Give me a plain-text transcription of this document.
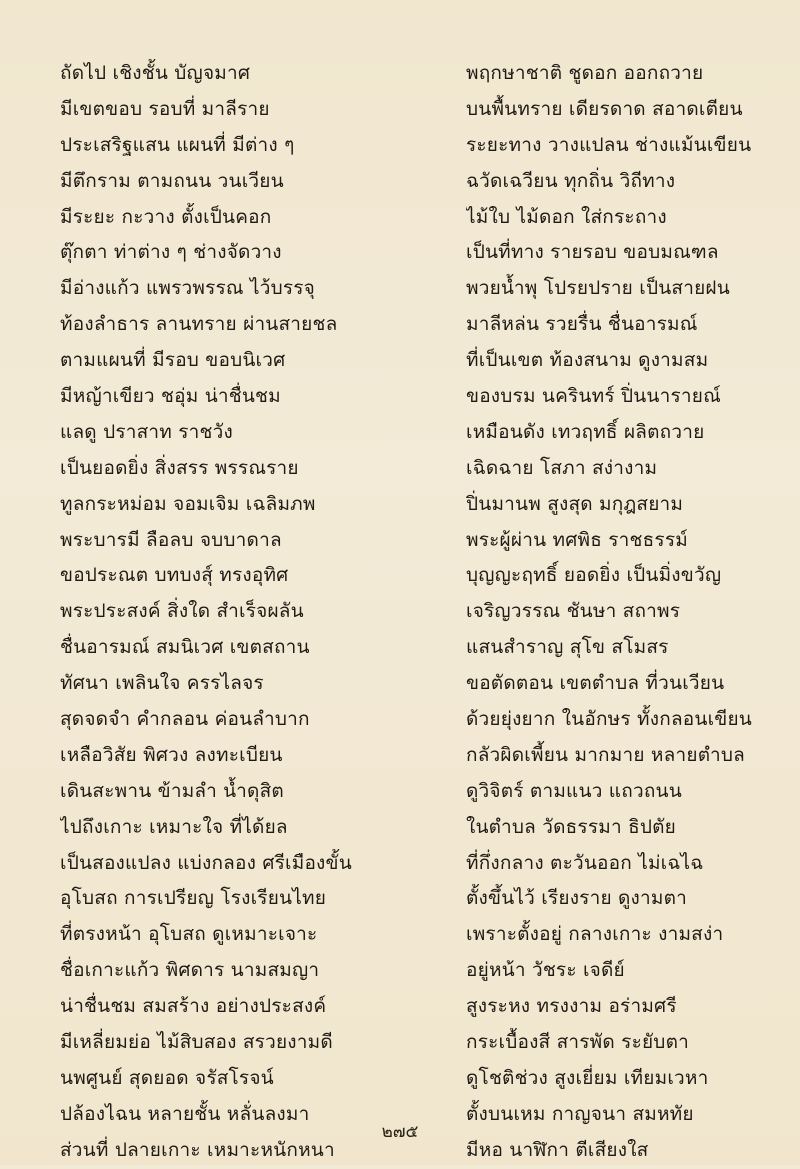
ถัดไป เชิงชั้น บัญจมาศ
มีเขตขอบ รอบที่ มาลีราย
ประเสริฐแสน แผนที่ มีต่าง ๆ
มีตึกราม ตามถนน วนเวียน
มีระยะ กะวาง ตั้งเป็นคอก
ตุ๊กตา ท่าต่าง ๆ ช่างจัดวาง
มีอ่างแก้ว แพรวพรรณ ไว้บรรจุ
ท้องลำธาร ลานทราย ผ่านสายชล
ตามแผนที่ มีรอบ ขอบนิเวศ
มีหญ้าเขียว ชอุ่ม น่าชื่นชม
แลดู ปราสาท ราชวัง
เป็นยอดยิ่ง สิ่งสรร พรรณราย
ทูลกระหม่อม จอมเจิม เฉลิมภพ
พระบารมี ลือลบ จบบาดาล
ขอประณต บทบงสุ์ ทรงอุทิศ
พระประสงค์ สิ่งใด สำเร็จผลัน
ชื่นอารมณ์ สมนิเวศ เขตสถาน
ทัศนา เพลินใจ ครรไลจร
สุดจดจำ คำกลอน ค่อนลำบาก
เหลือวิสัย พิศวง ลงทะเบียน
เดินสะพาน ข้ามลำ น้ำดุสิต
ไปถึงเกาะ เหมาะใจ ที่ได้ยล
เป็นสองแปลง แบ่งกลอง ศรีเมืองขั้น
อุโบสถ การเปรียญ โรงเรียนไทย
ที่ตรงหน้า อุโบสถ ดูเหมาะเจาะ
ชื่อเกาะแก้ว พิศดาร นามสมญา
น่าชื่นชม สมสร้าง อย่างประสงค์
มีเหลี่ยมย่อ ไม้สิบสอง สรวยงามดี
นพศูนย์ สุดยอด จรัสโรจน์
ปล้องไฉน หลายชั้น หลั่นลงมา
ส่วนที่ ปลายเกาะ เหมาะหนักหนา
พฤกษาชาติ ชูดอก ออกถวาย
บนพื้นทราย เดียรดาด สอาดเตียน
ระยะทาง วางแปลน ช่างแม้นเขียน
ฉวัดเฉวียน ทุกถิ่น วิถีทาง
ไม้ใบ ไม้ดอก ใส่กระถาง
เป็นที่ทาง รายรอบ ขอบมณฑล
พวยน้ำพุ โปรยปราย เป็นสายฝน
มาลีหล่น รวยรื่น ชื่นอารมณ์
ที่เป็นเขต ท้องสนาม ดูงามสม
ของบรม นครินทร์ ปิ่นนารายณ์
เหมือนดัง เทวฤทธิ์ ผลิตถวาย
เฉิดฉาย โสภา สง่างาม
ปิ่นมานพ สูงสุด มกุฎสยาม
พระผู้ผ่าน ทศพิธ ราชธรรม์
บุญญะฤทธิ์ ยอดยิ่ง เป็นมิ่งขวัญ
เจริญวรรณ ชันษา สถาพร
แสนสำราญ สุโข สโมสร
ขอตัดตอน เขตตำบล ที่วนเวียน
ด้วยยุ่งยาก ในอักษร ทั้งกลอนเขียน
กลัวผิดเพี้ยน มากมาย หลายตำบล
ดูวิจิตร์ ตามแนว แถวถนน
ในตำบล วัดธรรมา ธิปตัย
ที่กึ่งกลาง ตะวันออก ไม่เฉไฉ
ตั้งขึ้นไว้ เรียงราย ดูงามตา
เพราะตั้งอยู่ กลางเกาะ งามสง่า
อยู่หน้า วัชระ เจดีย์
สูงระหง ทรงงาม อร่ามศรี
กระเบื้องสี สารพัด ระยับตา
ดูโชติช่วง สูงเยี่ยม เทียมเวหา
ตั้งบนเหม กาญจนา สมหทัย
มีหอ นาฬิกา ตีเสียงใส
๒๗๕
